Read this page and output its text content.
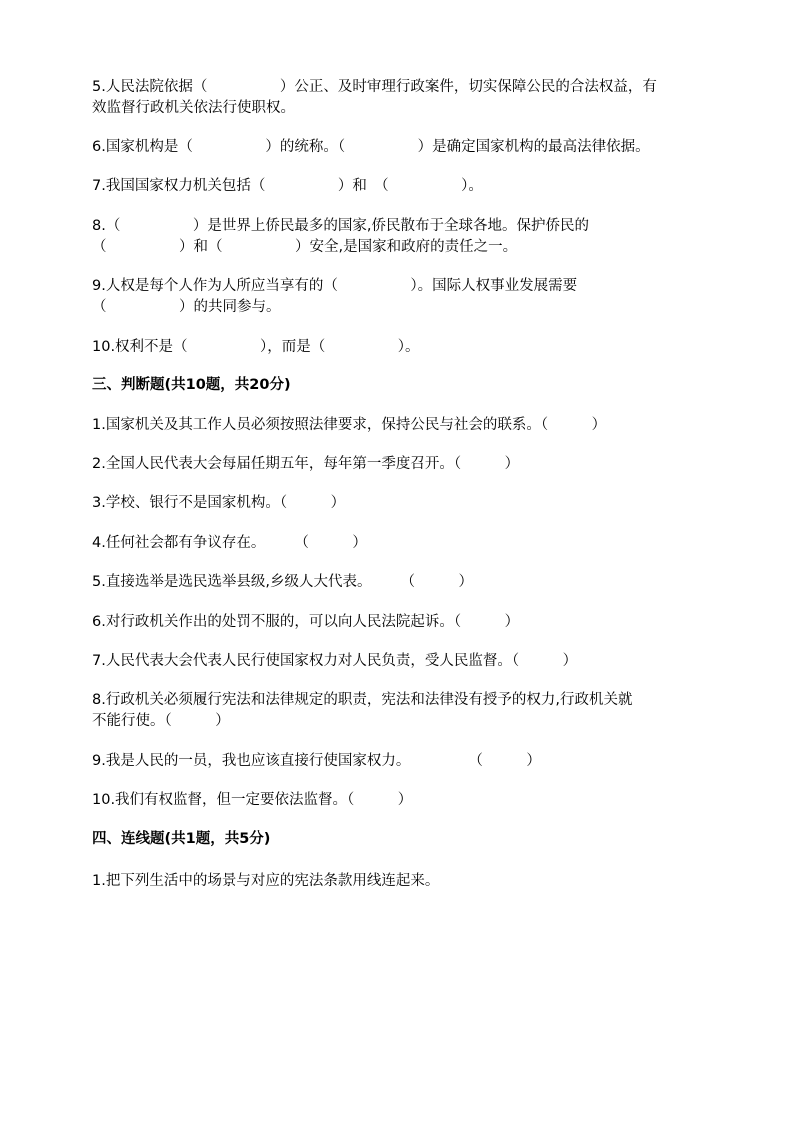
5.人民法院依据（　　　　　）公正、及时审理行政案件，切实保障公民的合法权益，有
效监督行政机关依法行使职权。
6.国家机构是（　　　　　）的统称。（　　　　　）是确定国家机构的最高法律依据。
7.我国国家权力机关包括（　　　　　）和　（　　　　　）。
8.（　　　　　）是世界上侨民最多的国家,侨民散布于全球各地。保护侨民的
（　　　　　）和（　　　　　）安全,是国家和政府的责任之一。
9.人权是每个人作为人所应当享有的（　　　　　）。国际人权事业发展需要
（　　　　　）的共同参与。
10.权利不是（　　　　　），而是（　　　　　）。
三、判断题(共10题，共20分)
1.国家机关及其工作人员必须按照法律要求，保持公民与社会的联系。（　　　）
2.全国人民代表大会每届任期五年，每年第一季度召开。（　　　）
3.学校、银行不是国家机构。（　　　）
4.任何社会都有争议存在。　　　（　　　）
5.直接选举是选民选举县级,乡级人大代表。　　　（　　　）
6.对行政机关作出的处罚不服的，可以向人民法院起诉。（　　　）
7.人民代表大会代表人民行使国家权力对人民负责，受人民监督。（　　　）
8.行政机关必须履行宪法和法律规定的职责，宪法和法律没有授予的权力,行政机关就
不能行使。（　　　）
9.我是人民的一员，我也应该直接行使国家权力。　　　　　（　　　）
10.我们有权监督，但一定要依法监督。（　　　）
四、连线题(共1题，共5分)
1.把下列生活中的场景与对应的宪法条款用线连起来。
